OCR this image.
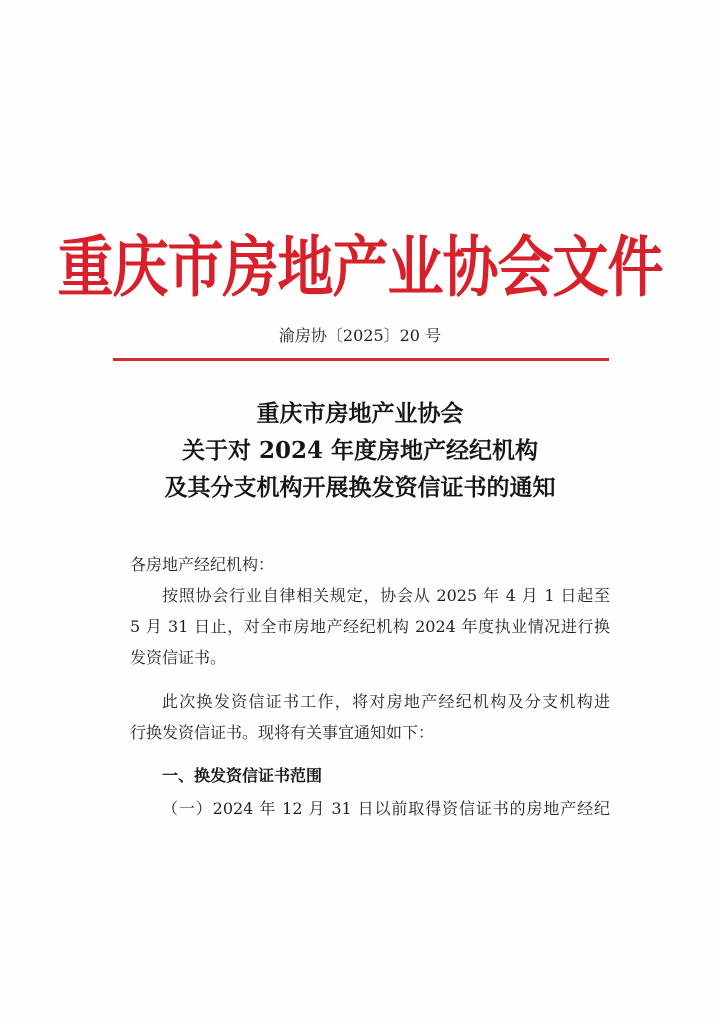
重庆市房地产业协会文件
渝房协〔2025〕20 号
重庆市房地产业协会
关于对 2024 年度房地产经纪机构
及其分支机构开展换发资信证书的通知
各房地产经纪机构：
按照协会行业自律相关规定，协会从 2025 年 4 月 1 日起至
5 月 31 日止，对全市房地产经纪机构 2024 年度执业情况进行换
发资信证书。
此次换发资信证书工作，将对房地产经纪机构及分支机构进
行换发资信证书。现将有关事宜通知如下：
一、换发资信证书范围
（一）2024 年 12 月 31 日以前取得资信证书的房地产经纪
